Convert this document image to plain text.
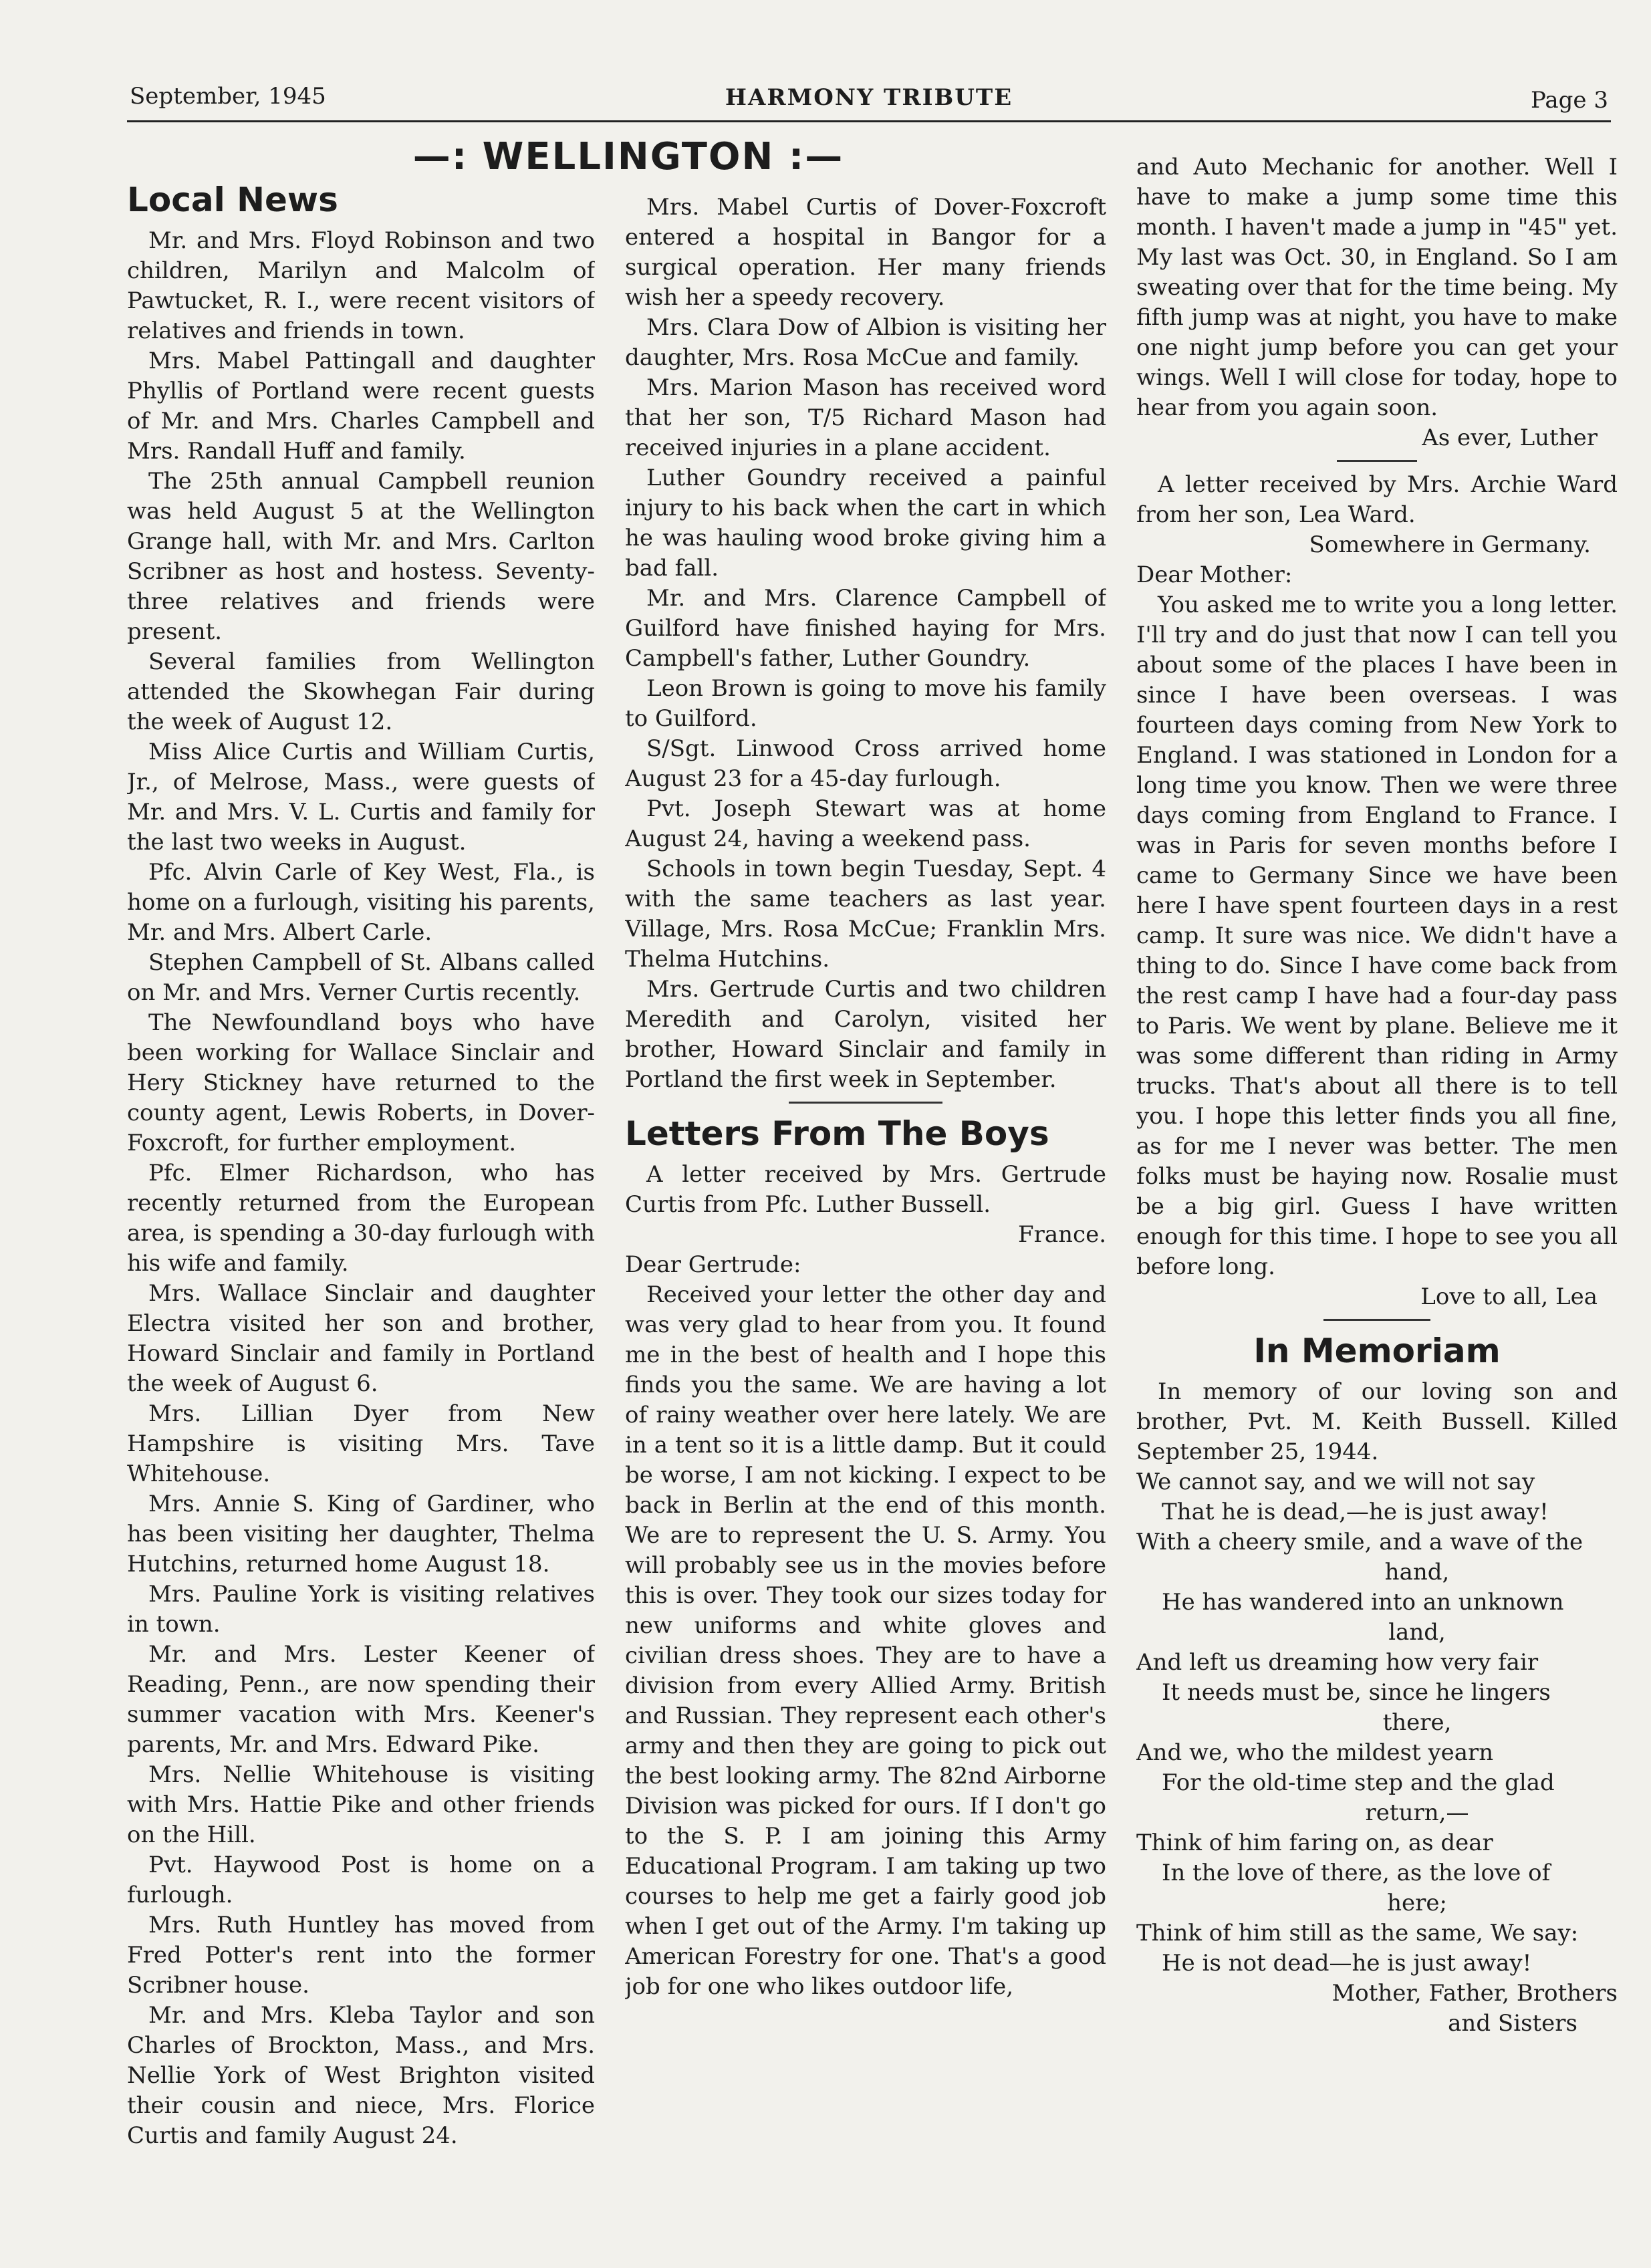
September, 1945	HARMONY TRIBUTE	Page 3
—: WELLINGTON :—
Local News

Mr. and Mrs. Floyd Robinson and two children, Marilyn and Malcolm of Pawtucket, R. I., were recent visitors of relatives and friends in town.

Mrs. Mabel Pattingall and daughter Phyllis of Portland were recent guests of Mr. and Mrs. Charles Campbell and Mrs. Randall Huff and family.

The 25th annual Campbell reunion was held August 5 at the Wellington Grange hall, with Mr. and Mrs. Carlton Scribner as host and hostess. Seventy-three relatives and friends were present.

Several families from Wellington attended the Skowhegan Fair during the week of August 12.

Miss Alice Curtis and William Curtis, Jr., of Melrose, Mass., were guests of Mr. and Mrs. V. L. Curtis and family for the last two weeks in August.

Pfc. Alvin Carle of Key West, Fla., is home on a furlough, visiting his parents, Mr. and Mrs. Albert Carle.

Stephen Campbell of St. Albans called on Mr. and Mrs. Verner Curtis recently.

The Newfoundland boys who have been working for Wallace Sinclair and Hery Stickney have returned to the county agent, Lewis Roberts, in Dover-Foxcroft, for further employment.

Pfc. Elmer Richardson, who has recently returned from the European area, is spending a 30-day furlough with his wife and family.

Mrs. Wallace Sinclair and daughter Electra visited her son and brother, Howard Sinclair and family in Portland the week of August 6.

Mrs. Lillian Dyer from New Hampshire is visiting Mrs. Tave Whitehouse.

Mrs. Annie S. King of Gardiner, who has been visiting her daughter, Thelma Hutchins, returned home August 18.

Mrs. Pauline York is visiting relatives in town.

Mr. and Mrs. Lester Keener of Reading, Penn., are now spending their summer vacation with Mrs. Keener's parents, Mr. and Mrs. Edward Pike.

Mrs. Nellie Whitehouse is visiting with Mrs. Hattie Pike and other friends on the Hill.

Pvt. Haywood Post is home on a furlough.

Mrs. Ruth Huntley has moved from Fred Potter's rent into the former Scribner house.

Mr. and Mrs. Kleba Taylor and son Charles of Brockton, Mass., and Mrs. Nellie York of West Brighton visited their cousin and niece, Mrs. Florice Curtis and family August 24.

Mrs. Mabel Curtis of Dover-Foxcroft entered a hospital in Bangor for a surgical operation. Her many friends wish her a speedy recovery.

Mrs. Clara Dow of Albion is visiting her daughter, Mrs. Rosa McCue and family.

Mrs. Marion Mason has received word that her son, T/5 Richard Mason had received injuries in a plane accident.

Luther Goundry received a painful injury to his back when the cart in which he was hauling wood broke giving him a bad fall.

Mr. and Mrs. Clarence Campbell of Guilford have finished haying for Mrs. Campbell's father, Luther Goundry.

Leon Brown is going to move his family to Guilford.

S/Sgt. Linwood Cross arrived home August 23 for a 45-day furlough.

Pvt. Joseph Stewart was at home August 24, having a weekend pass.

Schools in town begin Tuesday, Sept. 4 with the same teachers as last year. Village, Mrs. Rosa McCue; Franklin Mrs. Thelma Hutchins.

Mrs. Gertrude Curtis and two children Meredith and Carolyn, visited her brother, Howard Sinclair and family in Portland the first week in September.

Letters From The Boys

A letter received by Mrs. Gertrude Curtis from Pfc. Luther Bussell.

France.

Dear Gertrude:

Received your letter the other day and was very glad to hear from you. It found me in the best of health and I hope this finds you the same. We are having a lot of rainy weather over here lately. We are in a tent so it is a little damp. But it could be worse, I am not kicking. I expect to be back in Berlin at the end of this month. We are to represent the U. S. Army. You will probably see us in the movies before this is over. They took our sizes today for new uniforms and white gloves and civilian dress shoes. They are to have a division from every Allied Army. British and Russian. They represent each other's army and then they are going to pick out the best looking army. The 82nd Airborne Division was picked for ours. If I don't go to the S. P. I am joining this Army Educational Program. I am taking up two courses to help me get a fairly good job when I get out of the Army. I'm taking up American Forestry for one. That's a good job for one who likes outdoor life,

and Auto Mechanic for another. Well I have to make a jump some time this month. I haven't made a jump in "45" yet. My last was Oct. 30, in England. So I am sweating over that for the time being. My fifth jump was at night, you have to make one night jump before you can get your wings. Well I will close for today, hope to hear from you again soon.

As ever, Luther

A letter received by Mrs. Archie Ward from her son, Lea Ward.

Somewhere in Germany.

Dear Mother:

You asked me to write you a long letter. I'll try and do just that now I can tell you about some of the places I have been in since I have been overseas. I was fourteen days coming from New York to England. I was stationed in London for a long time you know. Then we were three days coming from England to France. I was in Paris for seven months before I came to Germany Since we have been here I have spent fourteen days in a rest camp. It sure was nice. We didn't have a thing to do. Since I have come back from the rest camp I have had a four-day pass to Paris. We went by plane. Believe me it was some different than riding in Army trucks. That's about all there is to tell you. I hope this letter finds you all fine, as for me I never was better. The men folks must be haying now. Rosalie must be a big girl. Guess I have written enough for this time. I hope to see you all before long.

Love to all, Lea

In Memoriam

In memory of our loving son and brother, Pvt. M. Keith Bussell. Killed September 25, 1944.

We cannot say, and we will not say

That he is dead,—he is just away!

With a cheery smile, and a wave of the

hand,

He has wandered into an unknown

land,

And left us dreaming how very fair

It needs must be, since he lingers

there,

And we, who the mildest yearn

For the old-time step and the glad

return,—

Think of him faring on, as dear

In the love of there, as the love of

here;

Think of him still as the same, We say:

He is not dead—he is just away!

Mother, Father, Brothers

and Sisters
